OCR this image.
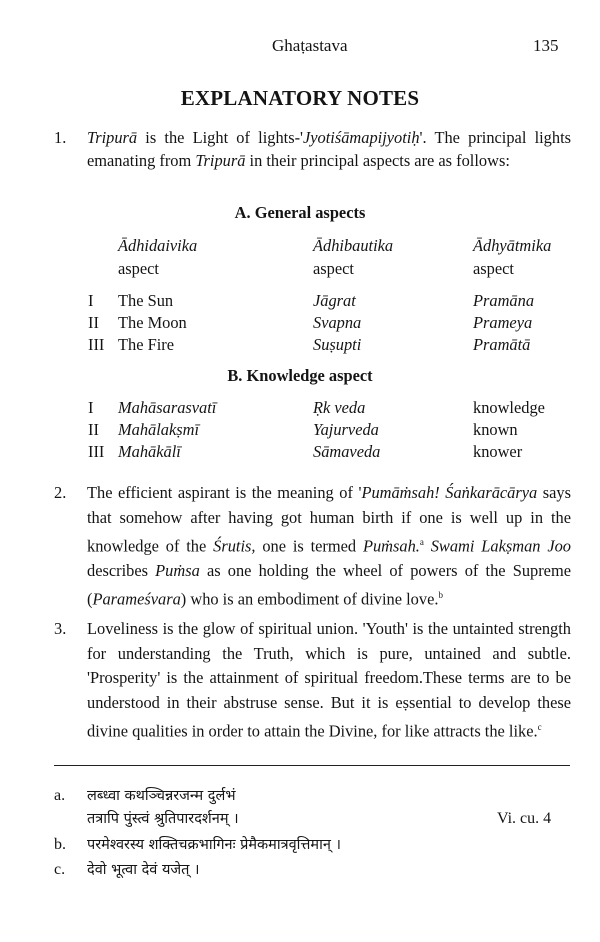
Ghaṭastava	135
EXPLANATORY NOTES
1. Tripurā is the Light of lights-'Jyotiśāmapijyotiḥ'. The principal lights emanating from Tripurā in their principal aspects are as follows:
A. General aspects
Ādhidaivika	Ādhibautika	Ādhyātmika
aspect	aspect	aspect
I The Sun	Jāgrat	Pramāna
II The Moon	Svapna	Prameya
III The Fire	Suṣupti	Pramātā
B. Knowledge aspect
I Mahāsarasvatī	Ṛk veda	knowledge
II Mahālakṣmī	Yajurveda	known
III Mahākālī	Sāmaveda	knower
2. The efficient aspirant is the meaning of 'Pumāṁsah! Śaṅkarācārya says that somehow after having got human birth if one is well up in the knowledge of the Śrutis, one is termed Puṁsah.$^a$ Swami Lakṣman Joo describes Puṁsa as one holding the wheel of powers of the Supreme (Parameśvara) who is an embodiment of divine love.$^b$
3. Loveliness is the glow of spiritual union. 'Youth' is the untainted strength for understanding the Truth, which is pure, untained and subtle. 'Prosperity' is the attainment of spiritual freedom.These terms are to be understood in their abstruse sense. But it is eṣsential to develop these divine qualities in order to attain the Divine, for like attracts the like.$^c$
a. लब्ध्वा कथञ्चिन्नरजन्म दुर्लभं
तत्रापि पुंस्त्वं श्रुतिपारदर्शनम् ।	Vi. cu. 4
b. परमेश्वरस्य शक्तिचक्रभागिनः प्रेमैकमात्रवृत्तिमान् ।
c. देवो भूत्वा देवं यजेत् ।
